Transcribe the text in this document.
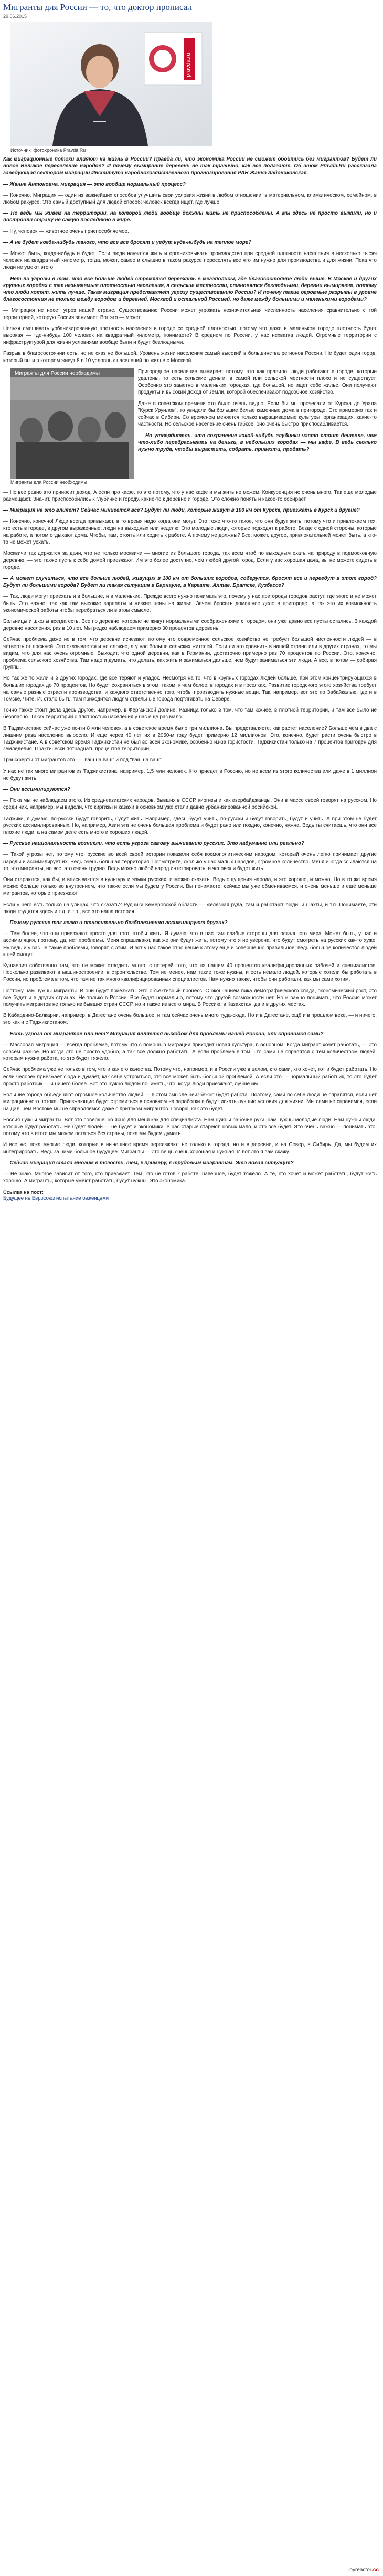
Мигранты для России — то, что доктор прописал
29.06.2015
pravda.ru
Источник: фотохроника Pravda.Ru

Как миграционные потоки влияют на жизнь в России? Правда ли, что экономика России не сможет обойтись без мигрантов? Будет ли новое Великое переселение народов? И почему вымирание деревень не так трагично, как все полагают. Об этом Pravda.Ru рассказала заведующая сектором миграции Института народнохозяйственного прогнозирования РАН Жанна Зайончковская.

— Жанна Антоновна, миграция — это вообще нормальный процесс?

— Конечно. Миграция — один из важнейших способов улучшить свои условия жизни в любом отношении: в материальном, климатическом, семейном, в любом ракурсе. Это самый доступный для людей способ: человек всегда ищет, где лучше.

— Но ведь мы живем на территории, на которой люди вообще должны жить не приспособлены. А мы здесь не просто выжили, но и построили страну не самую последнюю в мире.

— Ну, человек — животное очень приспособляемое.

— А не будет когда-нибудь такого, что все все бросят и уедут куда-нибудь на теплое море?

— Может быть, когда-нибудь и будет. Если люди научатся жить и организовывать производство при средней плотности населения в несколько тысяч человек на квадратный километр, тогда, может, самое и слышно в таком ракурсе переселять все что им нужно для производства и для жизни. Пока что люди не умеют этого.

— Нет ли угрозы в том, что все больше людей стремятся переехать в мегаполисы, где благосостояние люди выше. В Москве и других крупных городах с так называемым плотностью населения, а сельские местности, становятся безлюдными, деревни вымирают, потому что люди хотят, жить лучше. Такая миграция представляет угрозу существованию России? И почему такие огромные разрывы в уровне благосостояния не только между городом и деревней, Москвой и остальной Россией, но даже между большими и маленькими городами?

— Миграция не несет угроз нашей стране. Существованию России может угрожать незначительная численность населения сравнительно с той территорией, которую Россия занимает. Вот это — может.

Нельзя смешивать урбанизированную плотность населения в городе со средней плотностью, потому что даже в маленьком городе плотность будет высокая — где-нибудь 100 человек на квадратный километр, понимаете? В среднем по России, у нас нехватка людей. Огромные территории с инфраструктурой для жизни условиями вообще были и будут безлюдными.

Разрыв в благосостоянии есть, но не сказ не большой. Уровень жизни населения самый высокий в большинства регионов России. Не будет один город, который вы и в котором живут 8 в 10 условных населений по жилье с Москвой.

Мигранты для России необходимы	Пригородное население вымирает потому, что как правило, люди работают в городе, которые удалены, то есть сельские деньги, в самой или сельской местности плохо и не существует. Особенно это заметно в маленьких городках, где большой, не ищет себе жилье. Они получают продукты и высокий доход от земли, которой обеспечивают подсобное хозяйство.

Даже в советском времени это было очень видно. Если бы мы прочесали от Курска до Урала "Курск Уруилов", то увидели бы большие белые каменные дома в пригороде. Это примерно так и сейчас в Сибири. Со временем меняется только выращиваемые культуры, организация, какие-то частности. Но сельское население очень гибкое, оно очень быстро приспосабливается.

— Но утвердитель, что сохранение какой-нибудь глубинки часто стоит дешевле, чем что-либо перебрасывать на деньги, в небольших городах — мы кафе. В ведь сколько нужно труда, чтобы вырастить, собрать, привезти, продать?

Мигранты для России необходимы

— Но все равно это приносит доход. А если про кафе, то это потому, что у нас кафе и мы жить не можем. Конкуренция не очень много. Так еще молодые размещают. Значит, приспособились к глубинке и городу, какие-то к деревне и городе. Это сложно понять и какое-то собирает.

— Миграция на это влияет? Сейчас миниеется все? Будут ли люди, которые живут в 100 км от Курска, приезжать в Курск и другие?

— Конечно, конечно! Люди всегда привыкают, в то время надо когда они могут. Это тоже что-то такое, что они будут жить, потому что и привлекаем тех, кто есть в городе, в другом выраженные: люди на выходных или неделю. Это молодые люди, которые подходят к работе. Везде с одной стороны, которые на работе, а потом отдыхают дома. Чтобы, там, стоять или ходить к работе. А почему не должны? Все, может, другое, привлекательней может быть, а кто-то не может уехать.

Москвичи так держатся за дачи, что не только москвичи — многие из большого города, так всем чтоб по выходным ехать на природу в подмосковную деревню, — это также пусть к себе домой приезжают. Им это более доступно, чем любой другой город. Если у вас хорошая дача, вы не можете сидеть в городе.

— А может случиться, что все больше людей, живущих в 100 км от больших городов, соберутся, бросят все и переедут в этот город? Будут ли большими города? Будет ли такая ситуация в Барнауле, в Каргате, Алтае, Братске, Кузбассе?

— Так, люди могут приехать и в большие, и в маленькие. Прежде всего нужно понимать это, почему у нас пригороды городов растут, где этого и не может быть. Это важно, так как там высокие зарплаты и низкие цены на жилье. Зачем бросать домашнее дело в пригороде, а так это их возможность экономической работы чтобы перебраться ли в этом смысле.

Больницы и школы всегда есть. Все по деревне, которые не живут нормальными соображениями с городом, они уже давно все пусты остались. В каждой деревне населения, раз в 10 лет. Мы редко наблюдаем примерно 30 процентов деревень.

Сейчас проблема даже не в том, что деревни исчезают, потому что современное сельское хозяйство не требует большой численности людей — в четверть от прежней. Это оказывается и не сложно, а у нас больше сельских жителей. Если ли это сравнить в нашей стране или в других странах, то мы видим, что для нас очень огромные. Выходит, что одной деревни, как в Германии, достаточно примерно раз 70 процентов по России. Это, конечно, проблема сельского хозяйства. Там надо и думать, что делать, как жить и заниматься дальше, чем будут заниматься эти люди. А все, в потом — собирая группы.

Но так же то жили и в других городах, где все теряют и упадок. Несмотря на то, что в крупных городах людей больше, при этом концентрирующихся в больших городах до 70 процентов. Но будет сохраняться в этом, таком, к чем более, в городах и в поселках. Развитие городского этого хозяйства требует на самые разные отрасли производства, и каждого ответственно того, чтобы производить нужные вещи. Так, например, вот это по Забайкалью, где и в Томске, Чите. И, стало быть, там приходится людям отдельные города подтягивать на Севере.

Точно также стоит дела здесь другое, например, в Ферганской долине. Разница только в том, что там южнее, в плотной территории, и там все было не безопасно. Таких территорий с плотностью населения у нас еще раз мало.

В Таджикистане сейчас уже почти 8 млн человек, а в советское время было три миллиона. Вы представляете, как растет население? Больше чем в два с лишним раза население выросло. И еще через 40 лет их в 2050-м году будет примерно 12 миллионов. Это, конечно, будет расти очень быстро в Таджикистане. А в советском время Таджикистан не был во всей экономике, особенно из-за гористости. Таджикистан только на 7 процентов пригоден для земледелия. Практически пятнадцать процентов территории.

Трансферты от мигрантов это — "ваш на ваш" и под "ваш на ваш".

У нас не так много мигрантов из Таджикистана, например, 1,5 млн человек. Кто приедет в Россию, но не всем из этого количества или даже в 1 миллион не будут жить.

— Они ассимилируются?

— Пока мы не наблюдаем этого. Из среднеазиатских народов, бывших в СССР, киргизы и как азербайджанцы. Они в массе своей говорят на русском. Но среди них, например, мы видели, что киргизы и казахи в основном уже стали давно урбанизированной росийской.

Таджики, я думаю, по-русски будут говорить, будут жить. Например, здесь будут учить, по-русски и будут говорить, будут и учить. А при этом не будет русских ассимилированных. Но, например, Азии эта не очень большая проблема и будет рано или поздно, конечно, нужна. Ведь ты считаешь, что они все плохие люди, а на самом деле есть много и хороших людей.

— Русские национальность возникли, что есть угроза самому выживанию русских. Это надуманно или реально?

— Такой угрозы нет, потому что, русские во всей своей истории показали себя космополитическим народом, который очень легко принимает другие народы и ассимилирует их. Ведь очень большая территория. Посмотрите, сколько у нас малых народов, огромное количество. Меня иногда ссылаются на то, что мигранты, не все, это очень трудно. Ведь можно любой народ интегрировать, и человек и будет жить.

Они стараются, как бы, и вписываются в культуру и языки русских, и можно сказать. Ведь ощущения народа, и это хорошо, и можно. Но в то же время можно больше только во внутреннем, что также если мы будем у России. Вы понимаете, сейчас мы уже обмениваемся, и очень меньше и ещё меньше мигрантов, которые приезжают.

Если у него есть только на улицах, что сказать? Рудники Кемеровской области — железная руда, там и работают люди, и шахты, и т.п. Понимаете, эти люди трудятся здесь и т.д. и т.п., все это наша история.

— Почему русские так легко и относительно безболезненно ассимилируют других?

— Тем более, что они приезжают просто для того, чтобы жить. Я думаю, что в нас там слабые стороны для остального мира. Может быть, у нас и ассимиляция, поэтому, да, нет проблемы. Меня спрашивают, как же они будут жить, потому что я не уверена, что будут смотреть на русских как-то хуже. Ну ведь и у вас не такие проблемы, говорят, с этим. И вот у нас такое отношение к этому ещё и совершенно правильное: ведь большое количество людей к ней смогут.

Кушаевия собственно там, что не может отводить много, с потерей того, что на нашем 40 процентов квалифицированных рабочей и специалистов. Несколько развивают в машиностроении, в строительстве. Тем не менее, нам такие тоже нужны, и есть немало людей, которые хотели бы работать в России, но проблема в том, что там не так много квалифицированных специалистов. Нам нужно также, чтобы они работали, как мы сами хотим.

Поэтому нам нужны мигранты. И они будут приезжать. Это объективный процесс. С окончанием пика демографического спада, экономический рост, это все будет и в других странах. Не только в России. Все будет нормально, потому что другой возможности нет. Но и важно понимать, что Россия может получить мигрантов не только из бывших стран СССР, но и также из всего мира. В Россию, в Казахстан, да и в других местах.

В Кабардино-Балкарии, например, в Дагестане очень большое, и там сейчас очень много туда-сюда. Но и в Дагестане, ещё и в прошлом веке, — и ничего, это как и с Таджикистаном.

— Есть угроза от мигрантов или нет? Миграция является выходом для проблемы нашей России, или справимся сами?

— Массовая миграция — всегда проблема, потому что с помощью миграции приходит новая культура, в основном. Когда мигрант хочет работать, — это совсем разное. Но когда это не просто удобно, а так всё должно работать. А если проблема в том, что сами не справятся с тем количеством людей, которым нужна работа, то это будет тяжело.

Сейчас проблема уже не только в том, что и как его качества. Потому что, например, и в России уже в целом, кто сами, кто хочет, тот и будет работать. Но если человек приезжает сюда и думает, как себе устроиться, это всё может быть большой проблемой. А если это — нормальный работник, то это будет просто работник — и ничего более. Вот это нужно людям понимать, что, когда люди приезжают, лучше им.

Большие города объединяют огромное количество людей — в этом смысле неизбежно будет работа. Поэтому, сами по себе люди не справятся, если нет миграционного потока. Приезжающие будут стремиться в основном на заработки и будут искать лучшие условия для жизни. Мы сами не справимся, если на Дальнем Востоке мы не справляемся даже с притоком мигрантов. Говорю, как это будет.

Россия нужны мигранты. Вот это совершенно ясно для меня как для специалиста. Нам нужны рабочие руки, нам нужны молодые люди. Нам нужны люди, которые будут работать. Не будет людей — не будет и экономики. У нас старые стареют, новых мало, и это всё будет. Это очень важно — понимать это, потому что в итоге мы можем остаться без страны, пока мы будем думать.

И все же, пока многие люди, которые в нынешнее время переезжают не только в города, но и в деревни, и на Север, в Сибирь. Да, мы будем их интегрировать. Ведь за ними большое будущее. Мигранты — это вещь очень хорошая и нужная. И вот это я вам скажу.

— Сейчас миграция стала многим в тягость, тем, к примеру, к трудовым мигрантам. Это новая ситуация?

— Не знаю. Многое зависит от того, кто приезжает. Тем, кто не готов к работе, наверное, будет тяжело. А те, кто хочет и может работать, будут жить хорошо. А мигранты, которые умеют работать, будут нужны. Это экономика.

Ссылка на пост:
Будущее не Евросоюз испытание беженцами
joyreactor.cc
